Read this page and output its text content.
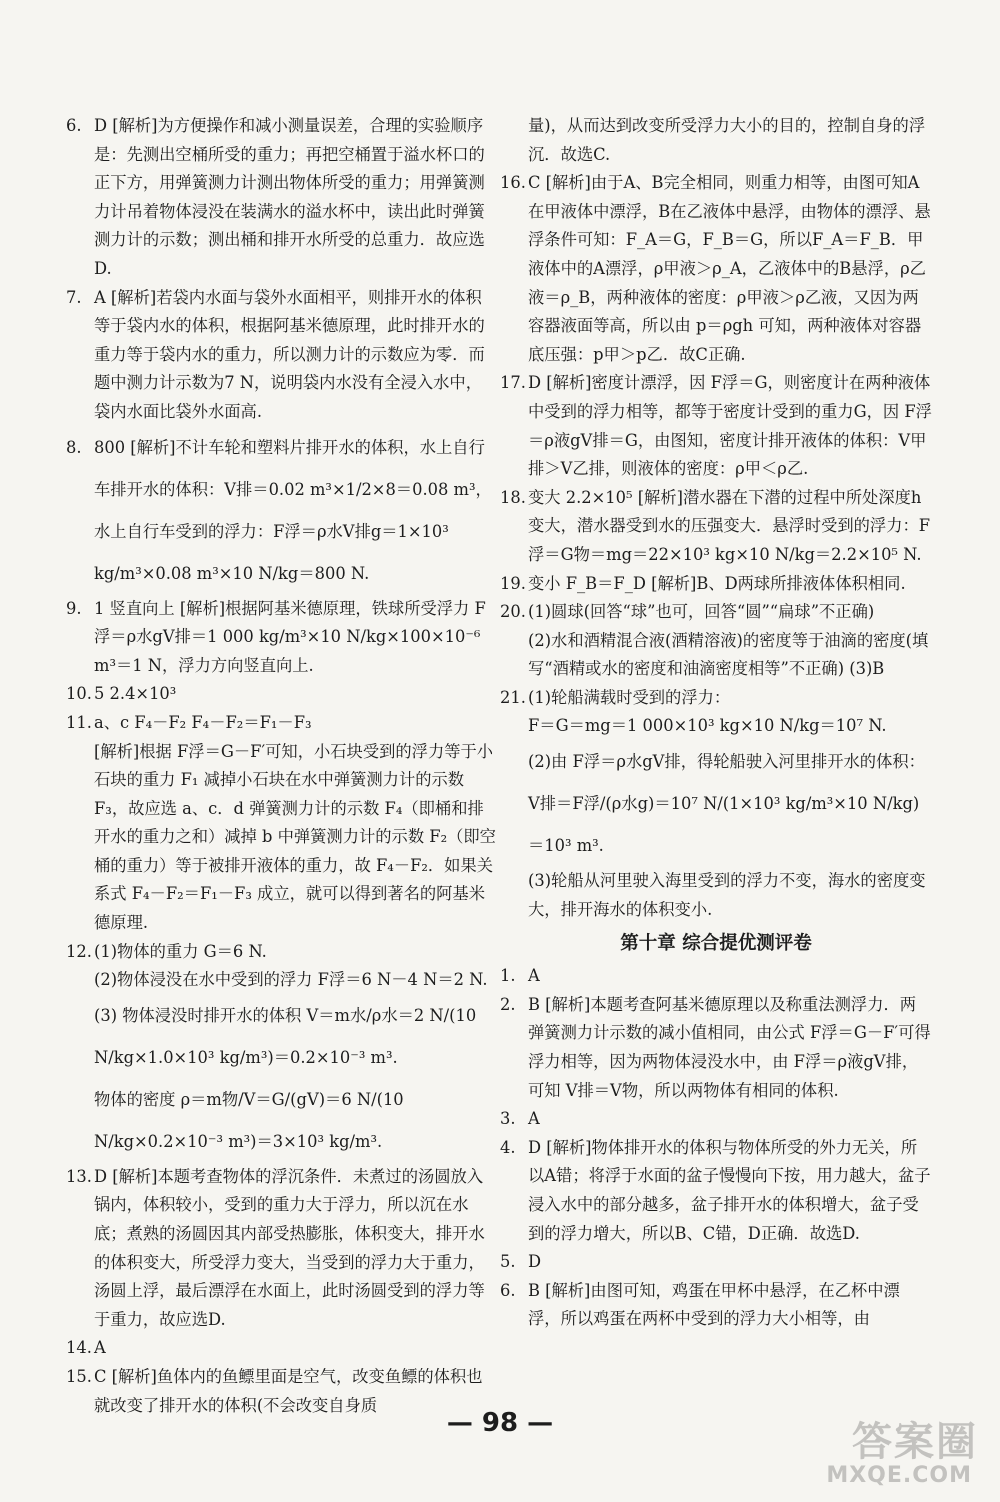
6. D [解析]为方便操作和减小测量误差，合理的实验顺序是：先测出空桶所受的重力；再把空桶置于溢水杯口的正下方，用弹簧测力计测出物体所受的重力；用弹簧测力计吊着物体浸没在装满水的溢水杯中，读出此时弹簧测力计的示数；测出桶和排开水所受的总重力．故应选D.

7. A [解析]若袋内水面与袋外水面相平，则排开水的体积等于袋内水的体积，根据阿基米德原理，此时排开水的重力等于袋内水的重力，所以测力计的示数应为零．而题中测力计示数为7 N，说明袋内水没有全浸入水中，袋内水面比袋外水面高.

8. 800 [解析]不计车轮和塑料片排开水的体积，水上自行车排开水的体积：V排＝0.02 m³×1/2×8＝0.08 m³，水上自行车受到的浮力：F浮＝ρ水V排g＝1×10³ kg/m³×0.08 m³×10 N/kg＝800 N.

9. 1 竖直向上 [解析]根据阿基米德原理，铁球所受浮力 F浮＝ρ水gV排＝1 000 kg/m³×10 N/kg×100×10⁻⁶ m³＝1 N，浮力方向竖直向上.

10. 5 2.4×10³

11. a、c F₄－F₂ F₄－F₂＝F₁－F₃

[解析]根据 F浮＝G－F′可知，小石块受到的浮力等于小石块的重力 F₁ 减掉小石块在水中弹簧测力计的示数 F₃，故应选 a、c．d 弹簧测力计的示数 F₄（即桶和排开水的重力之和）减掉 b 中弹簧测力计的示数 F₂（即空桶的重力）等于被排开液体的重力，故 F₄－F₂．如果关系式 F₄－F₂＝F₁－F₃ 成立，就可以得到著名的阿基米德原理.

12. (1)物体的重力 G＝6 N.

(2)物体浸没在水中受到的浮力 F浮＝6 N－4 N＝2 N.

(3) 物体浸没时排开水的体积 V＝m水/ρ水＝2 N/(10 N/kg×1.0×10³ kg/m³)＝0.2×10⁻³ m³.

物体的密度 ρ＝m物/V＝G/(gV)＝6 N/(10 N/kg×0.2×10⁻³ m³)＝3×10³ kg/m³.

13. D [解析]本题考查物体的浮沉条件．未煮过的汤圆放入锅内，体积较小，受到的重力大于浮力，所以沉在水底；煮熟的汤圆因其内部受热膨胀，体积变大，排开水的体积变大，所受浮力变大，当受到的浮力大于重力，汤圆上浮，最后漂浮在水面上，此时汤圆受到的浮力等于重力，故应选D.

14. A

15. C [解析]鱼体内的鱼鳔里面是空气，改变鱼鳔的体积也就改变了排开水的体积(不会改变自身质

量)，从而达到改变所受浮力大小的目的，控制自身的浮沉．故选C.

16. C [解析]由于A、B完全相同，则重力相等，由图可知A在甲液体中漂浮，B在乙液体中悬浮，由物体的漂浮、悬浮条件可知：F_A＝G，F_B＝G，所以F_A＝F_B．甲液体中的A漂浮，ρ甲液＞ρ_A，乙液体中的B悬浮，ρ乙液＝ρ_B，两种液体的密度：ρ甲液＞ρ乙液，又因为两容器液面等高，所以由 p＝ρgh 可知，两种液体对容器底压强：p甲＞p乙．故C正确.

17. D [解析]密度计漂浮，因 F浮＝G，则密度计在两种液体中受到的浮力相等，都等于密度计受到的重力G，因 F浮＝ρ液gV排＝G，由图知，密度计排开液体的体积：V甲排＞V乙排，则液体的密度：ρ甲＜ρ乙.

18. 变大 2.2×10⁵ [解析]潜水器在下潜的过程中所处深度h变大，潜水器受到水的压强变大．悬浮时受到的浮力：F浮＝G物＝mg＝22×10³ kg×10 N/kg＝2.2×10⁵ N.

19. 变小 F_B＝F_D [解析]B、D两球所排液体体积相同.

20. (1)圆球(回答“球”也可，回答“圆”“扁球”不正确)

(2)水和酒精混合液(酒精溶液)的密度等于油滴的密度(填写“酒精或水的密度和油滴密度相等”不正确) (3)B

21. (1)轮船满载时受到的浮力：

F＝G＝mg＝1 000×10³ kg×10 N/kg＝10⁷ N.

(2)由 F浮＝ρ水gV排，得轮船驶入河里排开水的体积：V排＝F浮/(ρ水g)＝10⁷ N/(1×10³ kg/m³×10 N/kg)＝10³ m³.

(3)轮船从河里驶入海里受到的浮力不变，海水的密度变大，排开海水的体积变小.

第十章 综合提优测评卷

1. A

2. B [解析]本题考查阿基米德原理以及称重法测浮力．两弹簧测力计示数的减小值相同，由公式 F浮＝G－F′可得浮力相等，因为两物体浸没水中，由 F浮＝ρ液gV排，可知 V排＝V物，所以两物体有相同的体积.

3. A

4. D [解析]物体排开水的体积与物体所受的外力无关，所以A错；将浮于水面的盆子慢慢向下按，用力越大，盆子浸入水中的部分越多，盆子排开水的体积增大，盆子受到的浮力增大，所以B、C错，D正确．故选D.

5. D

6. B [解析]由图可知，鸡蛋在甲杯中悬浮，在乙杯中漂浮，所以鸡蛋在两杯中受到的浮力大小相等，由

— 98 —	答案圈
MXQE.COM
